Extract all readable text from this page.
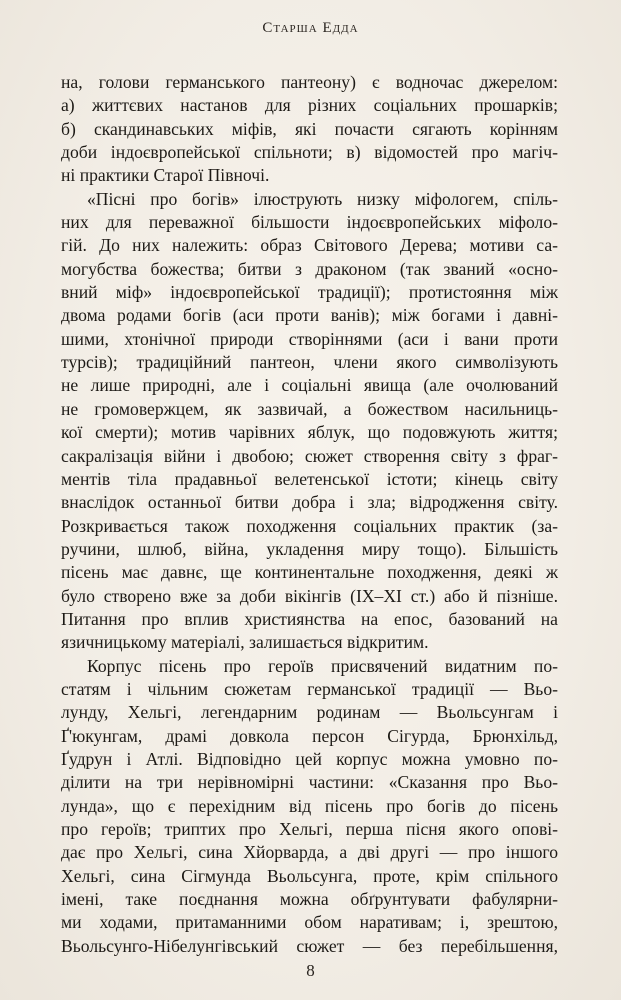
Старша Едда
на, голови германського пантеону) є водночас джерелом:
а) життєвих настанов для різних соціальних прошарків;
б) скандинавських міфів, які почасти сягають корінням
доби індоєвропейської спільноти; в) відомостей про магіч-
ні практики Старої Півночі.
«Пісні про богів» ілюструють низку міфологем, спіль-
них для переважної більшости індоєвропейських міфоло-
гій. До них належить: образ Світового Дерева; мотиви са-
могубства божества; битви з драконом (так званий «осно-
вний міф» індоєвропейської традиції); протистояння між
двома родами богів (аси проти ванів); між богами і давні-
шими, хтонічної природи створіннями (аси і вани проти
турсів); традиційний пантеон, члени якого символізують
не лише природні, але і соціальні явища (але очолюваний
не громовержцем, як зазвичай, а божеством насильниць-
кої смерти); мотив чарівних яблук, що подовжують життя;
сакралізація війни і двобою; сюжет створення світу з фраг-
ментів тіла прадавньої велетенської істоти; кінець світу
внаслідок останньої битви добра і зла; відродження світу.
Розкривається також походження соціальних практик (за-
ручини, шлюб, війна, укладення миру тощо). Більшість
пісень має давнє, ще континентальне походження, деякі ж
було створено вже за доби вікінгів (IX–XI ст.) або й пізніше.
Питання про вплив християнства на епос, базований на
язичницькому матеріалі, залишається відкритим.
Корпус пісень про героїв присвячений видатним по-
статям і чільним сюжетам германської традиції — Вьо-
лунду, Хельгі, легендарним родинам — Вьольсунгам і
Ґ'юкунгам, драмі довкола персон Сігурда, Брюнхільд,
Ґудрун і Атлі. Відповідно цей корпус можна умовно по-
ділити на три нерівномірні частини: «Сказання про Вьо-
лунда», що є перехідним від пісень про богів до пісень
про героїв; триптих про Хельгі, перша пісня якого опові-
дає про Хельгі, сина Хйорварда, а дві другі — про іншого
Хельгі, сина Сігмунда Вьольсунга, проте, крім спільного
імені, таке поєднання можна обґрунтувати фабулярни-
ми ходами, притаманними обом наративам; і, зрештою,
Вьольсунго-Нібелунгівський сюжет — без перебільшення,
8
